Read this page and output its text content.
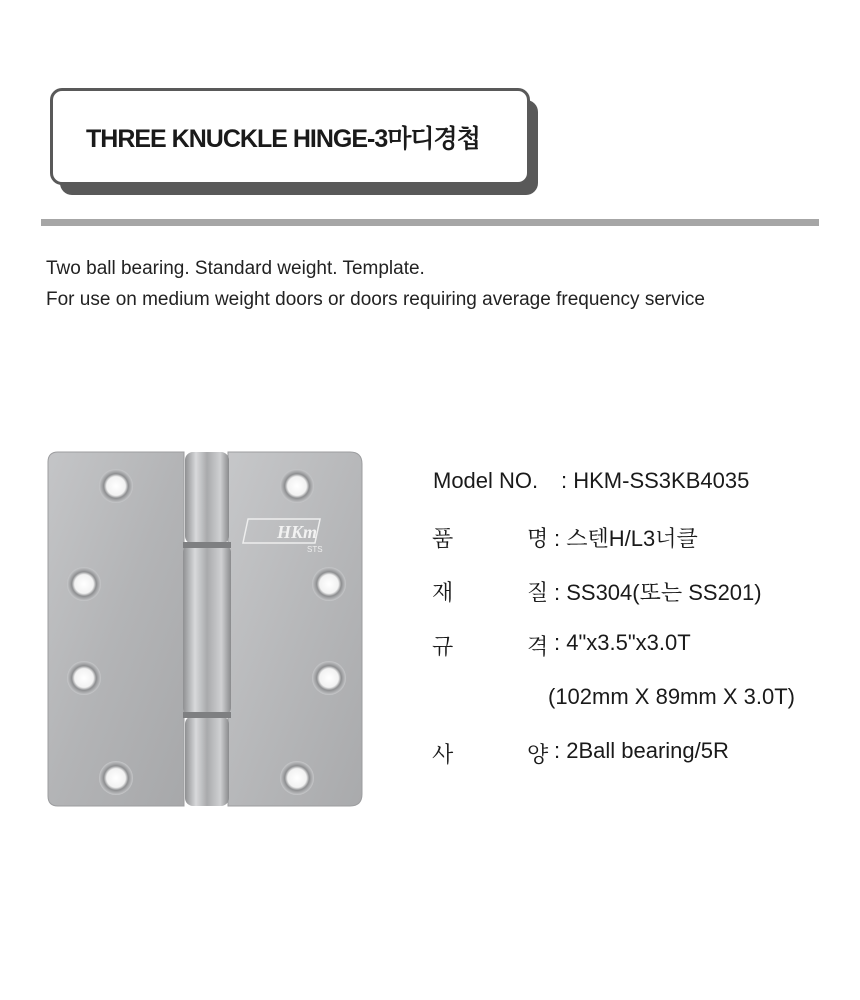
THREE KNUCKLE HINGE-3마디경첩
Two ball bearing. Standard weight. Template.
For use on medium weight doors or doors requiring average frequency service
HKm
STS
Model NO. : HKM-SS3KB4035
품	명 : 스텐H/L3너클
재	질 : SS304(또는 SS201)
규	격 : 4"x3.5"x3.0T
(102mm X 89mm X 3.0T)
사	양 : 2Ball bearing/5R
